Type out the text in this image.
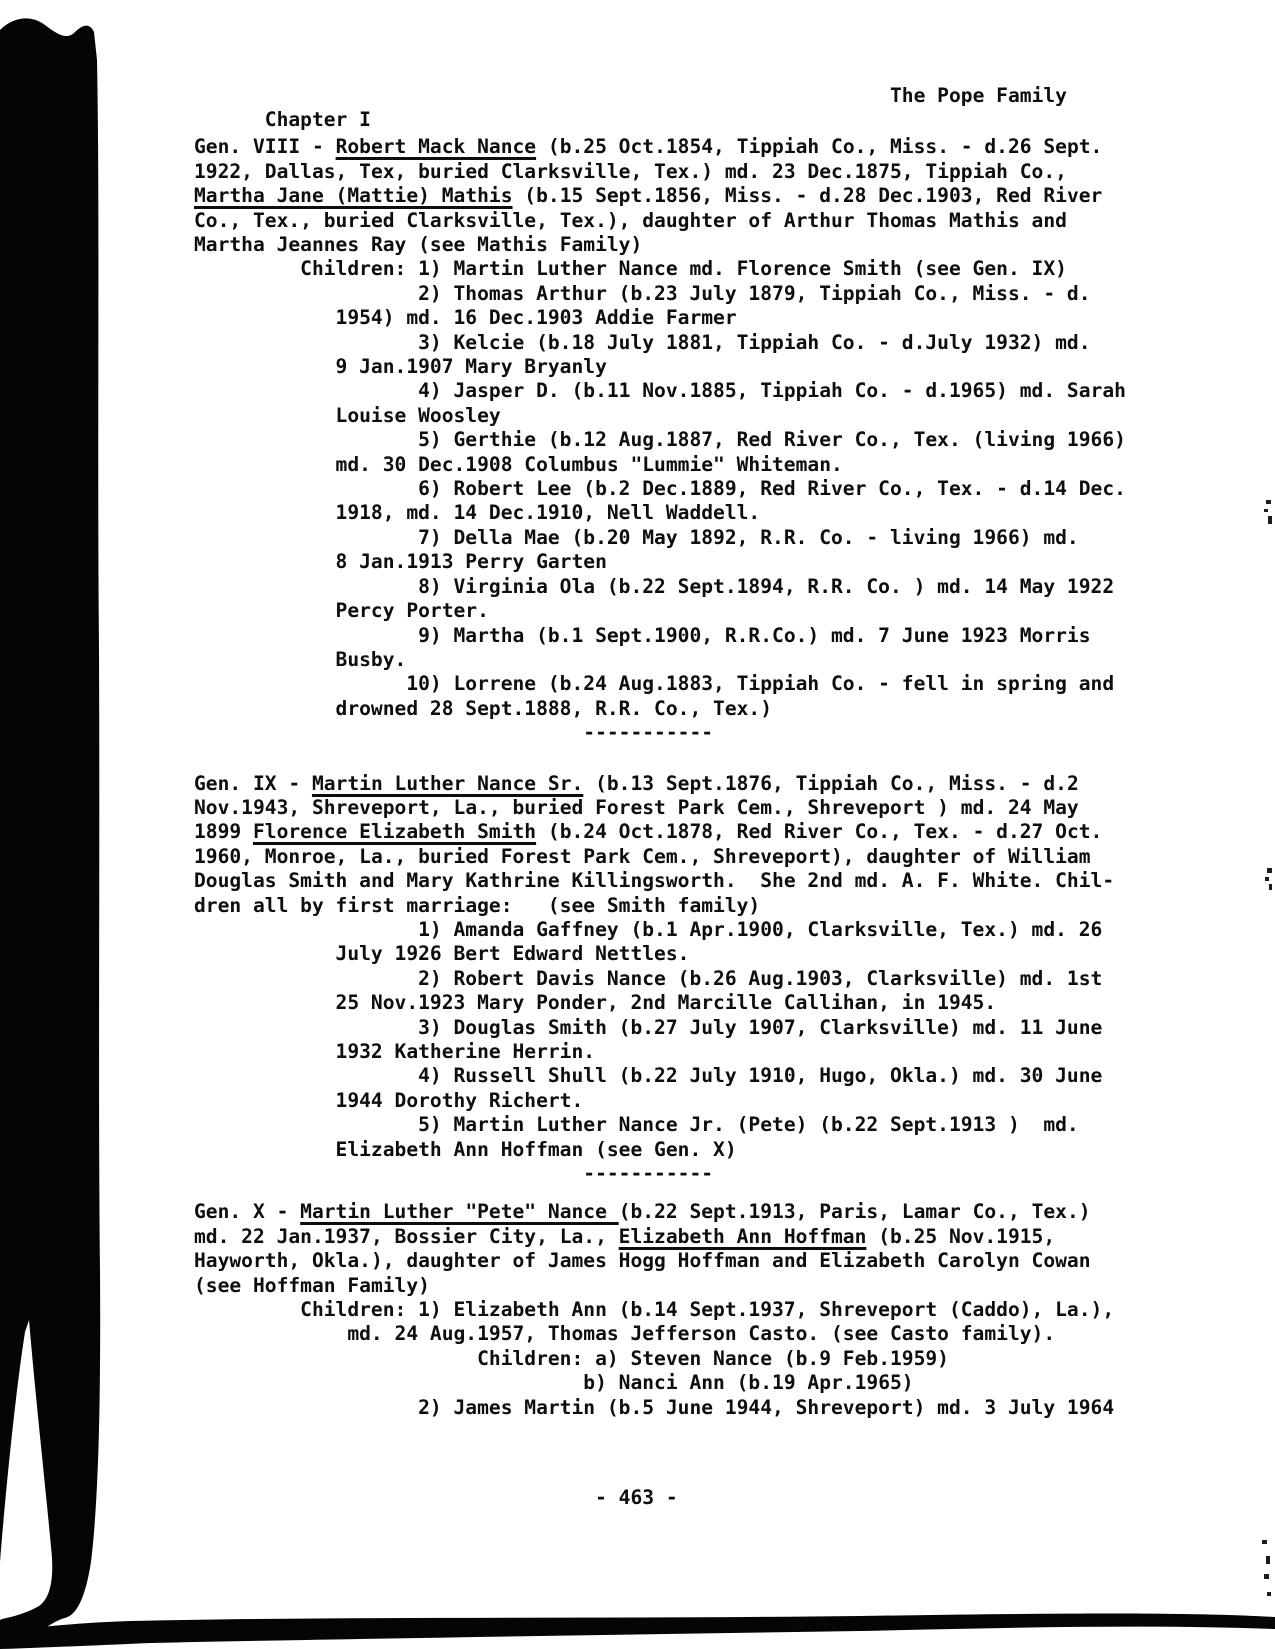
Chapter I

The Pope Family

Gen. VIII - Robert Mack Nance (b.25 Oct.1854, Tippiah Co., Miss. - d.26 Sept.
1922, Dallas, Tex, buried Clarksville, Tex.) md. 23 Dec.1875, Tippiah Co.,
Martha Jane (Mattie) Mathis (b.15 Sept.1856, Miss. - d.28 Dec.1903, Red River
Co., Tex., buried Clarksville, Tex.), daughter of Arthur Thomas Mathis and
Martha Jeannes Ray (see Mathis Family)
Children: 1) Martin Luther Nance md. Florence Smith (see Gen. IX)
2) Thomas Arthur (b.23 July 1879, Tippiah Co., Miss. - d.
1954) md. 16 Dec.1903 Addie Farmer
3) Kelcie (b.18 July 1881, Tippiah Co. - d.July 1932) md.
9 Jan.1907 Mary Bryanly
4) Jasper D. (b.11 Nov.1885, Tippiah Co. - d.1965) md. Sarah
Louise Woosley
5) Gerthie (b.12 Aug.1887, Red River Co., Tex. (living 1966)
md. 30 Dec.1908 Columbus "Lummie" Whiteman.
6) Robert Lee (b.2 Dec.1889, Red River Co., Tex. - d.14 Dec.
1918, md. 14 Dec.1910, Nell Waddell.
7) Della Mae (b.20 May 1892, R.R. Co. - living 1966) md.
8 Jan.1913 Perry Garten
8) Virginia Ola (b.22 Sept.1894, R.R. Co. ) md. 14 May 1922
Percy Porter.
9) Martha (b.1 Sept.1900, R.R.Co.) md. 7 June 1923 Morris
Busby.
10) Lorrene (b.24 Aug.1883, Tippiah Co. - fell in spring and
drowned 28 Sept.1888, R.R. Co., Tex.)
-----------
Gen. IX - Martin Luther Nance Sr. (b.13 Sept.1876, Tippiah Co., Miss. - d.2
Nov.1943, Shreveport, La., buried Forest Park Cem., Shreveport ) md. 24 May
1899 Florence Elizabeth Smith (b.24 Oct.1878, Red River Co., Tex. - d.27 Oct.
1960, Monroe, La., buried Forest Park Cem., Shreveport), daughter of William
Douglas Smith and Mary Kathrine Killingsworth.  She 2nd md. A. F. White. Chil-
dren all by first marriage:   (see Smith family)
1) Amanda Gaffney (b.1 Apr.1900, Clarksville, Tex.) md. 26
July 1926 Bert Edward Nettles.
2) Robert Davis Nance (b.26 Aug.1903, Clarksville) md. 1st
25 Nov.1923 Mary Ponder, 2nd Marcille Callihan, in 1945.
3) Douglas Smith (b.27 July 1907, Clarksville) md. 11 June
1932 Katherine Herrin.
4) Russell Shull (b.22 July 1910, Hugo, Okla.) md. 30 June
1944 Dorothy Richert.
5) Martin Luther Nance Jr. (Pete) (b.22 Sept.1913 )  md.
Elizabeth Ann Hoffman (see Gen. X)
-----------
Gen. X - Martin Luther "Pete" Nance (b.22 Sept.1913, Paris, Lamar Co., Tex.)
md. 22 Jan.1937, Bossier City, La., Elizabeth Ann Hoffman (b.25 Nov.1915,
Hayworth, Okla.), daughter of James Hogg Hoffman and Elizabeth Carolyn Cowan
(see Hoffman Family)
Children: 1) Elizabeth Ann (b.14 Sept.1937, Shreveport (Caddo), La.),
md. 24 Aug.1957, Thomas Jefferson Casto. (see Casto family).
Children: a) Steven Nance (b.9 Feb.1959)
b) Nanci Ann (b.19 Apr.1965)
2) James Martin (b.5 June 1944, Shreveport) md. 3 July 1964
- 463 -
